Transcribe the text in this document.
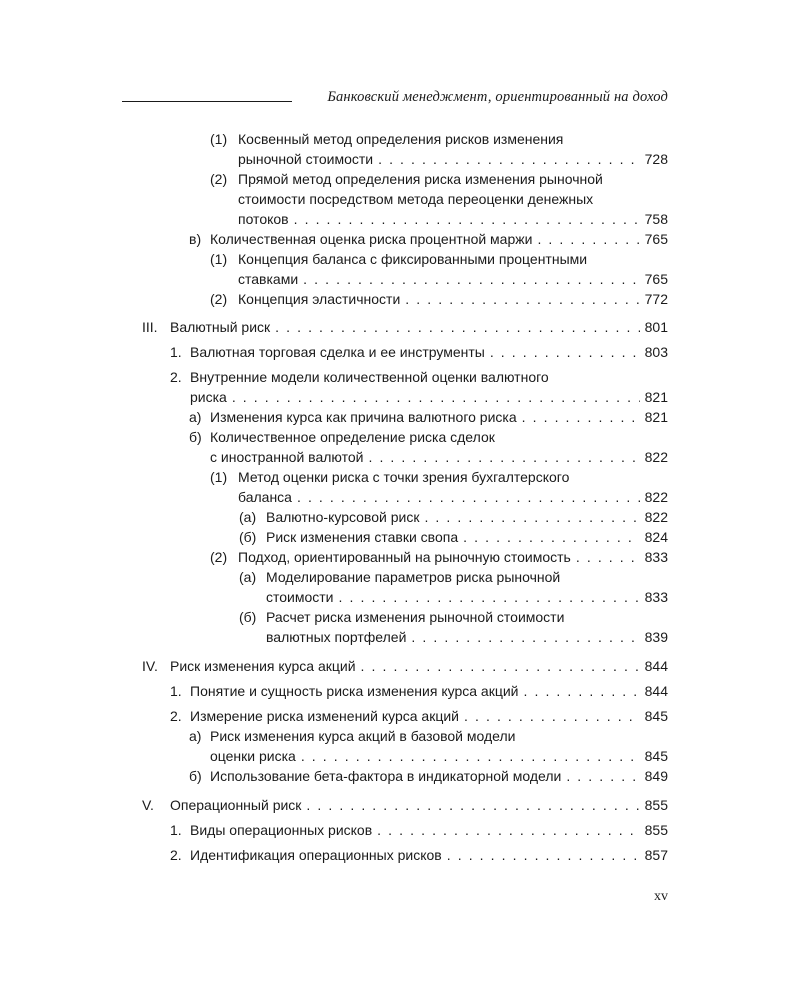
Банковский менеджмент, ориентированный на доход
(1) Косвенный метод определения рисков изменения
рыночной стоимости . . .	728
(2) Прямой метод определения риска изменения рыночной
стоимости посредством метода переоценки денежных
потоков . . .	758
в) Количественная оценка риска процентной маржи . . .	765
(1) Концепция баланса с фиксированными процентными
ставками . . .	765
(2) Концепция эластичности . . .	772
III. Валютный риск . . .	801
1. Валютная торговая сделка и ее инструменты . . .	803
2. Внутренние модели количественной оценки валютного
риска . . .	821
а) Изменения курса как причина валютного риска . . .	821
б) Количественное определение риска сделок
с иностранной валютой . . .	822
(1) Метод оценки риска с точки зрения бухгалтерского
баланса . . .	822
(а) Валютно-курсовой риск . . .	822
(б) Риск изменения ставки свопа . . .	824
(2) Подход, ориентированный на рыночную стоимость . . .	833
(а) Моделирование параметров риска рыночной
стоимости . . .	833
(б) Расчет риска изменения рыночной стоимости
валютных портфелей . . .	839
IV. Риск изменения курса акций . . .	844
1. Понятие и сущность риска изменения курса акций . . .	844
2. Измерение риска изменений курса акций . . .	845
а) Риск изменения курса акций в базовой модели
оценки риска . . .	845
б) Использование бета-фактора в индикаторной модели . . .	849
V. Операционный риск . . .	855
1. Виды операционных рисков . . .	855
2. Идентификация операционных рисков . . .	857
xv
